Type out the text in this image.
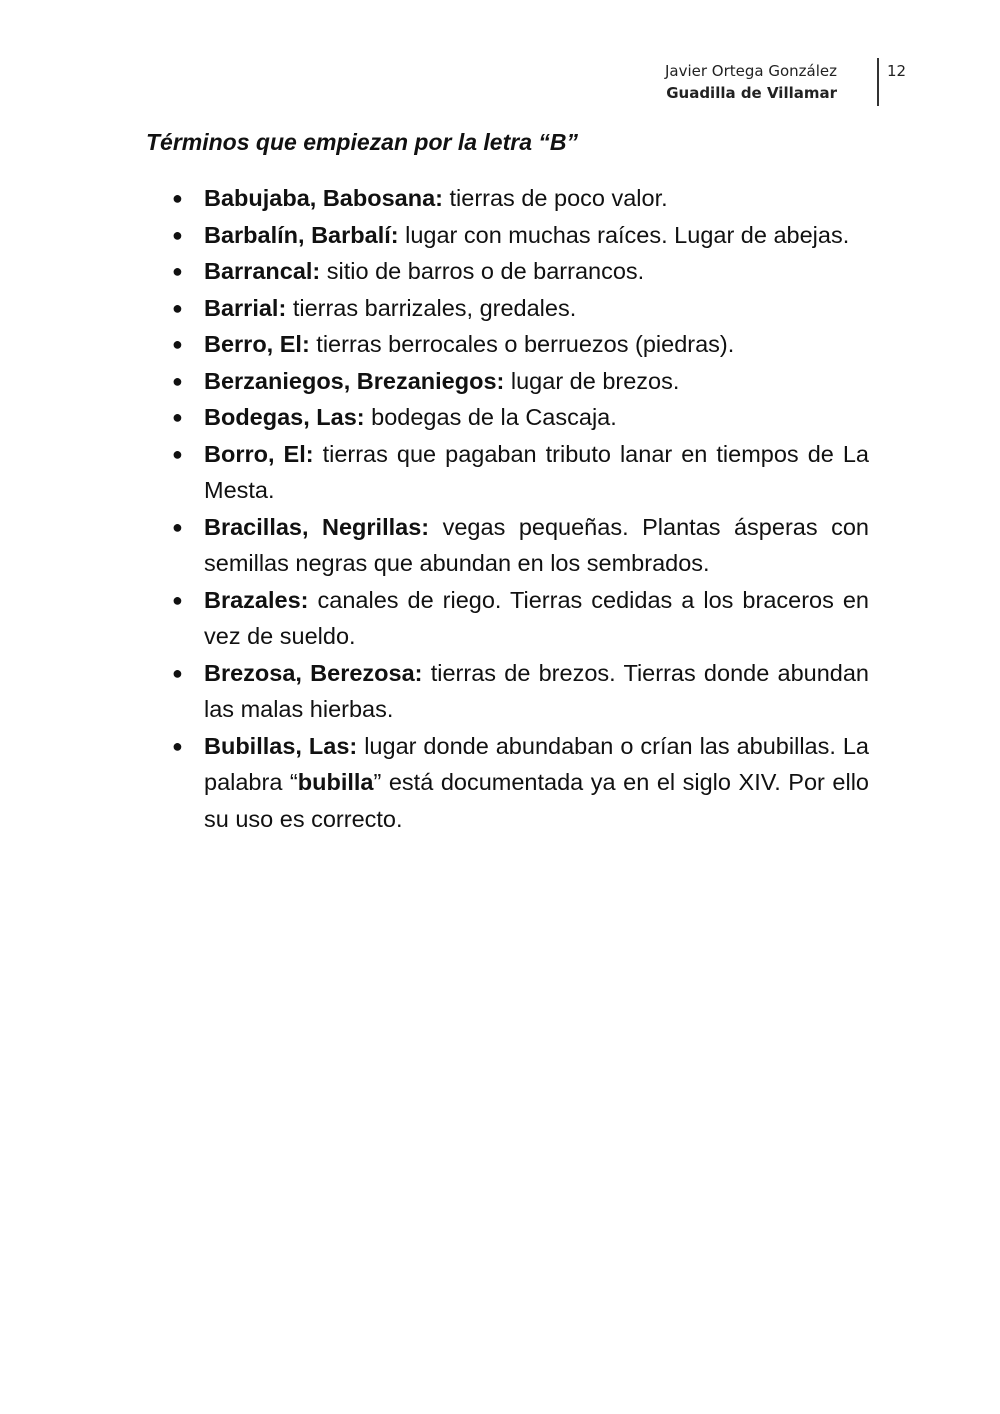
Javier Ortega González
Guadilla de Villamar
12
Términos que empiezan por la letra “B”
● Babujaba, Babosana: tierras de poco valor.
● Barbalín, Barbalí: lugar con muchas raíces. Lugar de abejas.
● Barrancal: sitio de barros o de barrancos.
● Barrial: tierras barrizales, gredales.
● Berro, El: tierras berrocales o berruezos (piedras).
● Berzaniegos, Brezaniegos: lugar de brezos.
● Bodegas, Las: bodegas de la Cascaja.
● Borro, El: tierras que pagaban tributo lanar en tiempos de La Mesta.
● Bracillas, Negrillas: vegas pequeñas. Plantas ásperas con semillas negras que abundan en los sembrados.
● Brazales: canales de riego. Tierras cedidas a los braceros en vez de sueldo.
● Brezosa, Berezosa: tierras de brezos. Tierras donde abundan las malas hierbas.
● Bubillas, Las: lugar donde abundaban o crían las abubillas. La palabra “bubilla” está documentada ya en el siglo XIV. Por ello su uso es correcto.
